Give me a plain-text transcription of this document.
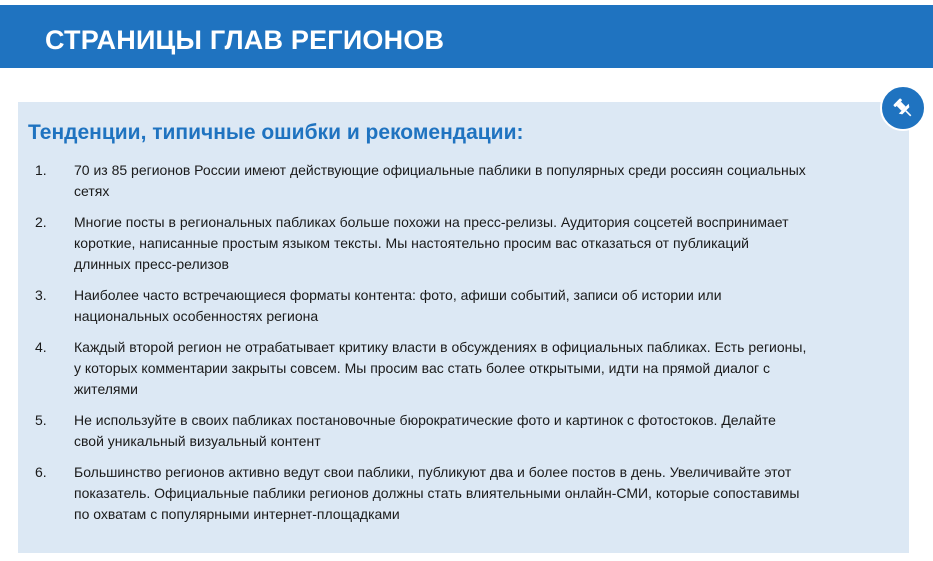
СТРАНИЦЫ ГЛАВ РЕГИОНОВ
Тенденции, типичные ошибки и рекомендации:
1. 70 из 85 регионов России имеют действующие официальные паблики в популярных среди россиян социальных
сетях
2. Многие посты в региональных пабликах больше похожи на пресс-релизы. Аудитория соцсетей воспринимает
короткие, написанные простым языком тексты. Мы настоятельно просим вас отказаться от публикаций
длинных пресс-релизов
3. Наиболее часто встречающиеся форматы контента: фото, афиши событий, записи об истории или
национальных особенностях региона
4. Каждый второй регион не отрабатывает критику власти в обсуждениях в официальных пабликах. Есть регионы,
у которых комментарии закрыты совсем. Мы просим вас стать более открытыми, идти на прямой диалог с
жителями
5. Не используйте в своих пабликах постановочные бюрократические фото и картинок с фотостоков. Делайте
свой уникальный визуальный контент
6. Большинство регионов активно ведут свои паблики, публикуют два и более постов в день. Увеличивайте этот
показатель. Официальные паблики регионов должны стать влиятельными онлайн-СМИ, которые сопоставимы
по охватам с популярными интернет-площадками
